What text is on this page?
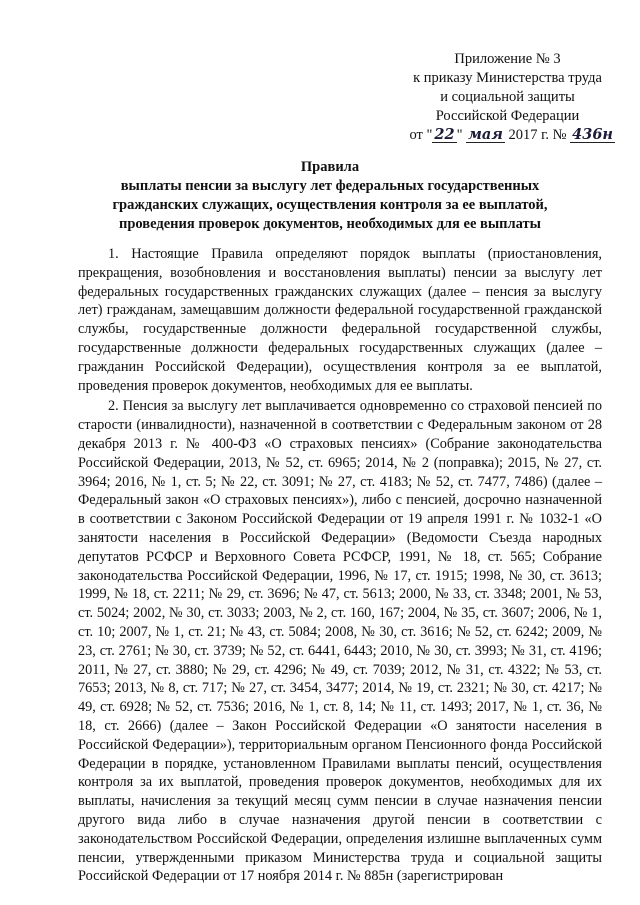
Приложение № 3
к приказу Министерства труда
и социальной защиты
Российской Федерации
от " 22 " мая 2017 г. № 436н
Правила
выплаты пенсии за выслугу лет федеральных государственных гражданских служащих, осуществления контроля за ее выплатой, проведения проверок документов, необходимых для ее выплаты

1. Настоящие Правила определяют порядок выплаты (приостановления, прекращения, возобновления и восстановления выплаты) пенсии за выслугу лет федеральных государственных гражданских служащих (далее – пенсия за выслугу лет) гражданам, замещавшим должности федеральной государственной гражданской службы, государственные должности федеральной государственной службы, государственные должности федеральных государственных служащих (далее – гражданин Российской Федерации), осуществления контроля за ее выплатой, проведения проверок документов, необходимых для ее выплаты.

2. Пенсия за выслугу лет выплачивается одновременно со страховой пенсией по старости (инвалидности), назначенной в соответствии с Федеральным законом от 28 декабря 2013 г. № 400-ФЗ «О страховых пенсиях» (Собрание законодательства Российской Федерации, 2013, № 52, ст. 6965; 2014, № 2 (поправка); 2015, № 27, ст. 3964; 2016, № 1, ст. 5; № 22, ст. 3091; № 27, ст. 4183; № 52, ст. 7477, 7486) (далее – Федеральный закон «О страховых пенсиях»), либо с пенсией, досрочно назначенной в соответствии с Законом Российской Федерации от 19 апреля 1991 г. № 1032-1 «О занятости населения в Российской Федерации» (Ведомости Съезда народных депутатов РСФСР и Верховного Совета РСФСР, 1991, № 18, ст. 565; Собрание законодательства Российской Федерации, 1996, № 17, ст. 1915; 1998, № 30, ст. 3613; 1999, № 18, ст. 2211; № 29, ст. 3696; № 47, ст. 5613; 2000, № 33, ст. 3348; 2001, № 53, ст. 5024; 2002, № 30, ст. 3033; 2003, № 2, ст. 160, 167; 2004, № 35, ст. 3607; 2006, № 1, ст. 10; 2007, № 1, ст. 21; № 43, ст. 5084; 2008, № 30, ст. 3616; № 52, ст. 6242; 2009, № 23, ст. 2761; № 30, ст. 3739; № 52, ст. 6441, 6443; 2010, № 30, ст. 3993; № 31, ст. 4196; 2011, № 27, ст. 3880; № 29, ст. 4296; № 49, ст. 7039; 2012, № 31, ст. 4322; № 53, ст. 7653; 2013, № 8, ст. 717; № 27, ст. 3454, 3477; 2014, № 19, ст. 2321; № 30, ст. 4217; № 49, ст. 6928; № 52, ст. 7536; 2016, № 1, ст. 8, 14; № 11, ст. 1493; 2017, № 1, ст. 36, № 18, ст. 2666) (далее – Закон Российской Федерации «О занятости населения в Российской Федерации»), территориальным органом Пенсионного фонда Российской Федерации в порядке, установленном Правилами выплаты пенсий, осуществления контроля за их выплатой, проведения проверок документов, необходимых для их выплаты, начисления за текущий месяц сумм пенсии в случае назначения пенсии другого вида либо в случае назначения другой пенсии в соответствии с законодательством Российской Федерации, определения излишне выплаченных сумм пенсии, утвержденными приказом Министерства труда и социальной защиты Российской Федерации от 17 ноября 2014 г. № 885н (зарегистрирован
